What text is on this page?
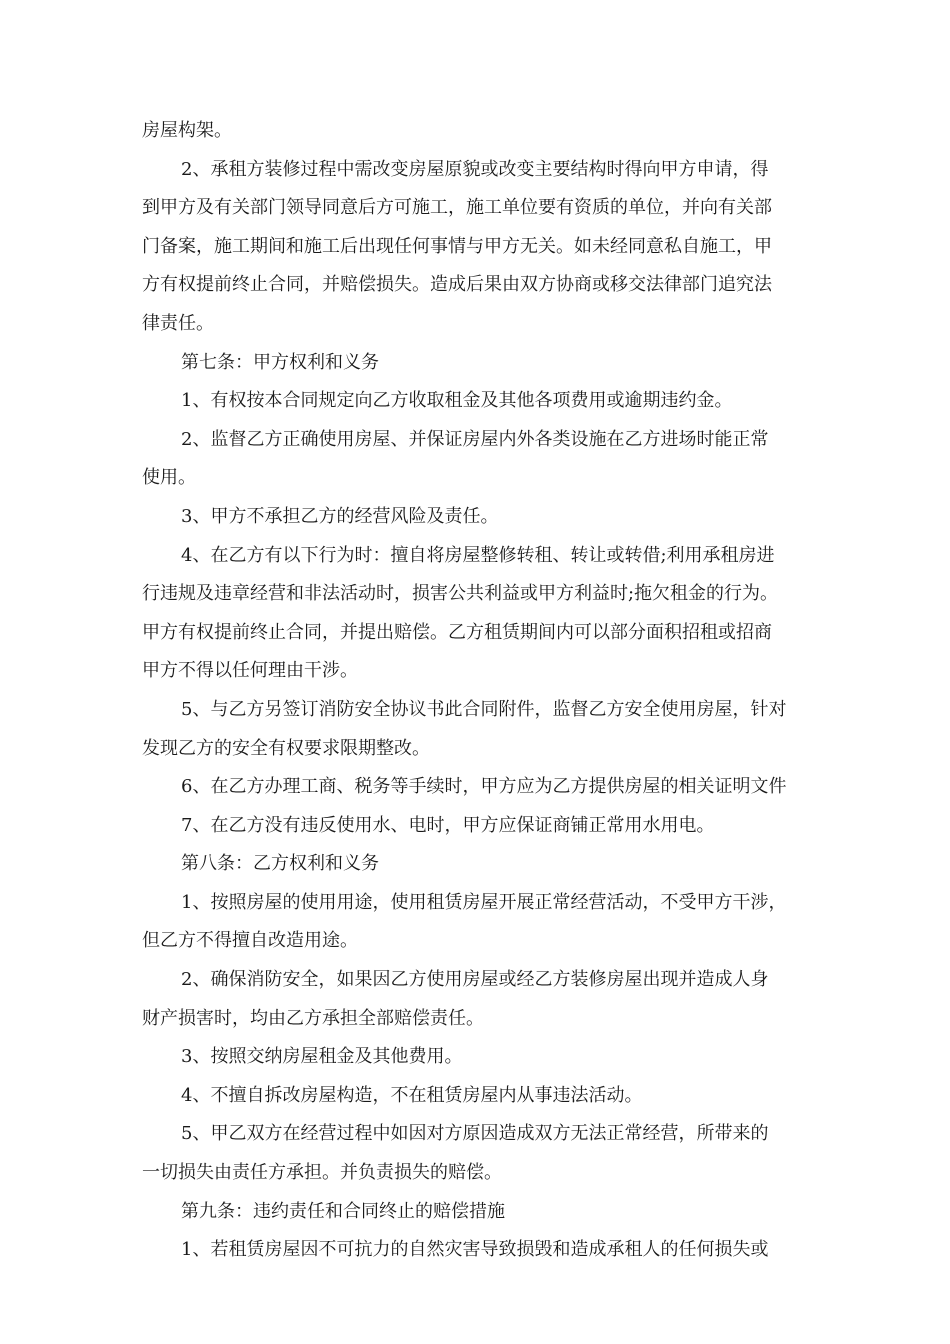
房屋构架。
2、承租方装修过程中需改变房屋原貌或改变主要结构时得向甲方申请，得
到甲方及有关部门领导同意后方可施工，施工单位要有资质的单位，并向有关部
门备案，施工期间和施工后出现任何事情与甲方无关。如未经同意私自施工，甲
方有权提前终止合同，并赔偿损失。造成后果由双方协商或移交法律部门追究法
律责任。
第七条：甲方权利和义务
1、有权按本合同规定向乙方收取租金及其他各项费用或逾期违约金。
2、监督乙方正确使用房屋、并保证房屋内外各类设施在乙方进场时能正常
使用。
3、甲方不承担乙方的经营风险及责任。
4、在乙方有以下行为时：擅自将房屋整修转租、转让或转借;利用承租房进
行违规及违章经营和非法活动时，损害公共利益或甲方利益时;拖欠租金的行为。
甲方有权提前终止合同，并提出赔偿。乙方租赁期间内可以部分面积招租或招商
甲方不得以任何理由干涉。
5、与乙方另签订消防安全协议书此合同附件，监督乙方安全使用房屋，针对
发现乙方的安全有权要求限期整改。
6、在乙方办理工商、税务等手续时，甲方应为乙方提供房屋的相关证明文件
7、在乙方没有违反使用水、电时，甲方应保证商铺正常用水用电。
第八条：乙方权利和义务
1、按照房屋的使用用途，使用租赁房屋开展正常经营活动，不受甲方干涉，
但乙方不得擅自改造用途。
2、确保消防安全，如果因乙方使用房屋或经乙方装修房屋出现并造成人身
财产损害时，均由乙方承担全部赔偿责任。
3、按照交纳房屋租金及其他费用。
4、不擅自拆改房屋构造，不在租赁房屋内从事违法活动。
5、甲乙双方在经营过程中如因对方原因造成双方无法正常经营，所带来的
一切损失由责任方承担。并负责损失的赔偿。
第九条：违约责任和合同终止的赔偿措施
1、若租赁房屋因不可抗力的自然灾害导致损毁和造成承租人的任何损失或
